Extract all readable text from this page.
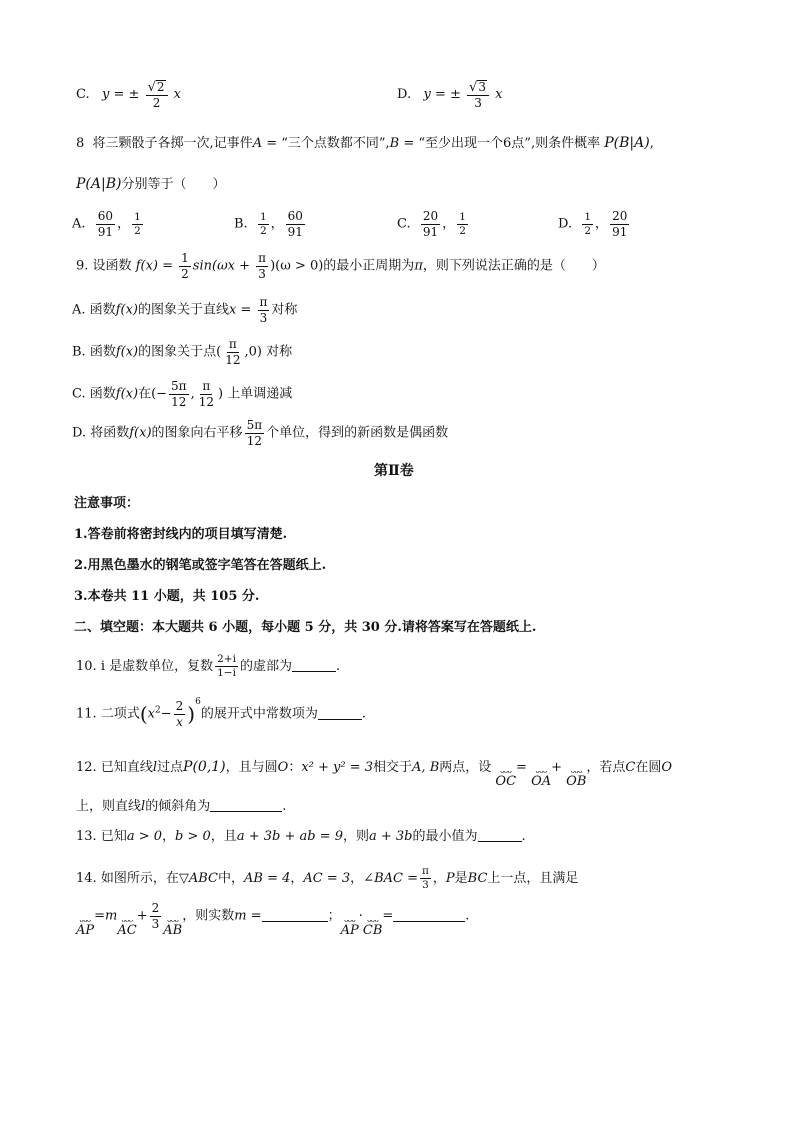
C. y = ± $\frac{√ 2}{2}$ x	D. y = ± $\frac{√ 3}{3}$ x
8 将三颗骰子各掷一次,记事件A = “三个点数都不同”,B = “至少出现一个6点”,则条件概率 P(B|A),
P(A|B)分别等于（　　）
A. $\frac{60}{91}$ ， $\frac{1}{2}$	B. $\frac{1}{2}$ ， $\frac{60}{91}$	C. $\frac{20}{91}$ ， $\frac{1}{2}$	D. $\frac{1}{2}$ ， $\frac{20}{91}$
9. 设函数 $f(x) = \frac{1}{2} \sin(\omega x + \frac{\pi}{3} )(\omega > 0)$的最小正周期为π，则下列说法正确的是（　　）
A. 函数f(x)的图象关于直线$x = \frac{\pi}{3}$ 对称
B. 函数f(x)的图象关于点( $\frac{\pi}{12} ,0$) 对称
C. 函数f(x)在(− $\frac{5\pi}{12}$ , $\frac{\pi}{12}$ ) 上单调递减
D. 将函数f(x)的图象向右平移 $\frac{5\pi}{12}$ 个单位，得到的新函数是偶函数
第Ⅱ卷
注意事项：
1.答卷前将密封线内的项目填写清楚.
2.用黑色墨水的钢笔或签字笔答在答题纸上.
3.本卷共 11 小题，共 105 分.
二、填空题：本大题共 6 小题，每小题 5 分，共 30 分.请将答案写在答题纸上.
10. i 是虚数单位，复数 $\frac{2+i}{1-i}$ 的虚部为	.
11. 二项式$(x^2- \frac{2}{x} )^6$的展开式中常数项为	.
12. 已知直线l过点P(0,1)，且与圆O：x² + y² = 3相交于A, B两点，设 ᴗᴗᴗ
OC
= ᴗᴗᴗ
OA
+ ᴗᴗᴗ
OB
，若点C在圆O
上，则直线l的倾斜角为	.
13. 已知a > 0，b > 0，且a + 3b + ab = 9，则a + 3b的最小值为	.
14. 如图所示，在▽ABC中，AB = 4，AC = 3，∠BAC = $\frac{\pi}{3}$ ，P是BC上一点，且满足
ᴗᴗᴗ
AP
=m ᴗᴗᴗ
AC
+ $\frac{2}{3}$ ᴗᴗᴗ
AB
，则实数m =	； ᴗᴗᴗ
AP
· ᴗᴗᴗ
CB
=	.
